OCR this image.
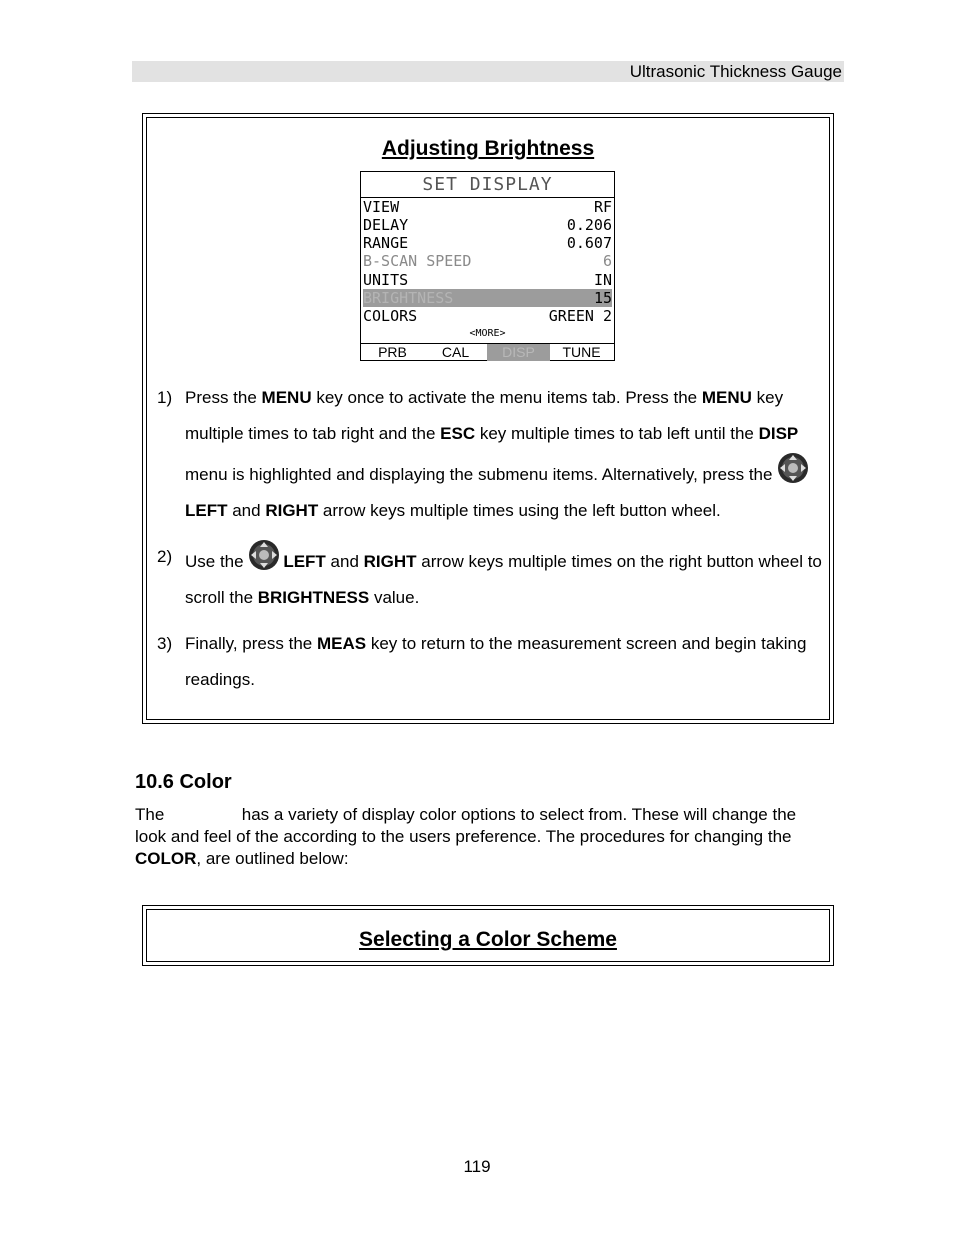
Ultrasonic Thickness Gauge
Adjusting Brightness
SET DISPLAY
VIEW	RF
DELAY	0.206
RANGE	0.607
B-SCAN SPEED	6
UNITS	IN
BRIGHTNESS	15
COLORS	GREEN 2
<MORE>
PRB	CAL	DISP	TUNE
1) Press the MENU key once to activate the menu items tab. Press the MENU key multiple times to tab right and the ESC key multiple times to tab left until the DISP menu is highlighted and displaying the submenu items. Alternatively, press the LEFT and RIGHT arrow keys multiple times using the left button wheel.
2) Use the LEFT and RIGHT arrow keys multiple times on the right button wheel to scroll the BRIGHTNESS value.
3) Finally, press the MEAS key to return to the measurement screen and begin taking readings.
10.6 Color
The	has a variety of display color options to select from. These will change the look and feel of the according to the users preference. The procedures for changing the COLOR, are outlined below:
Selecting a Color Scheme
119
